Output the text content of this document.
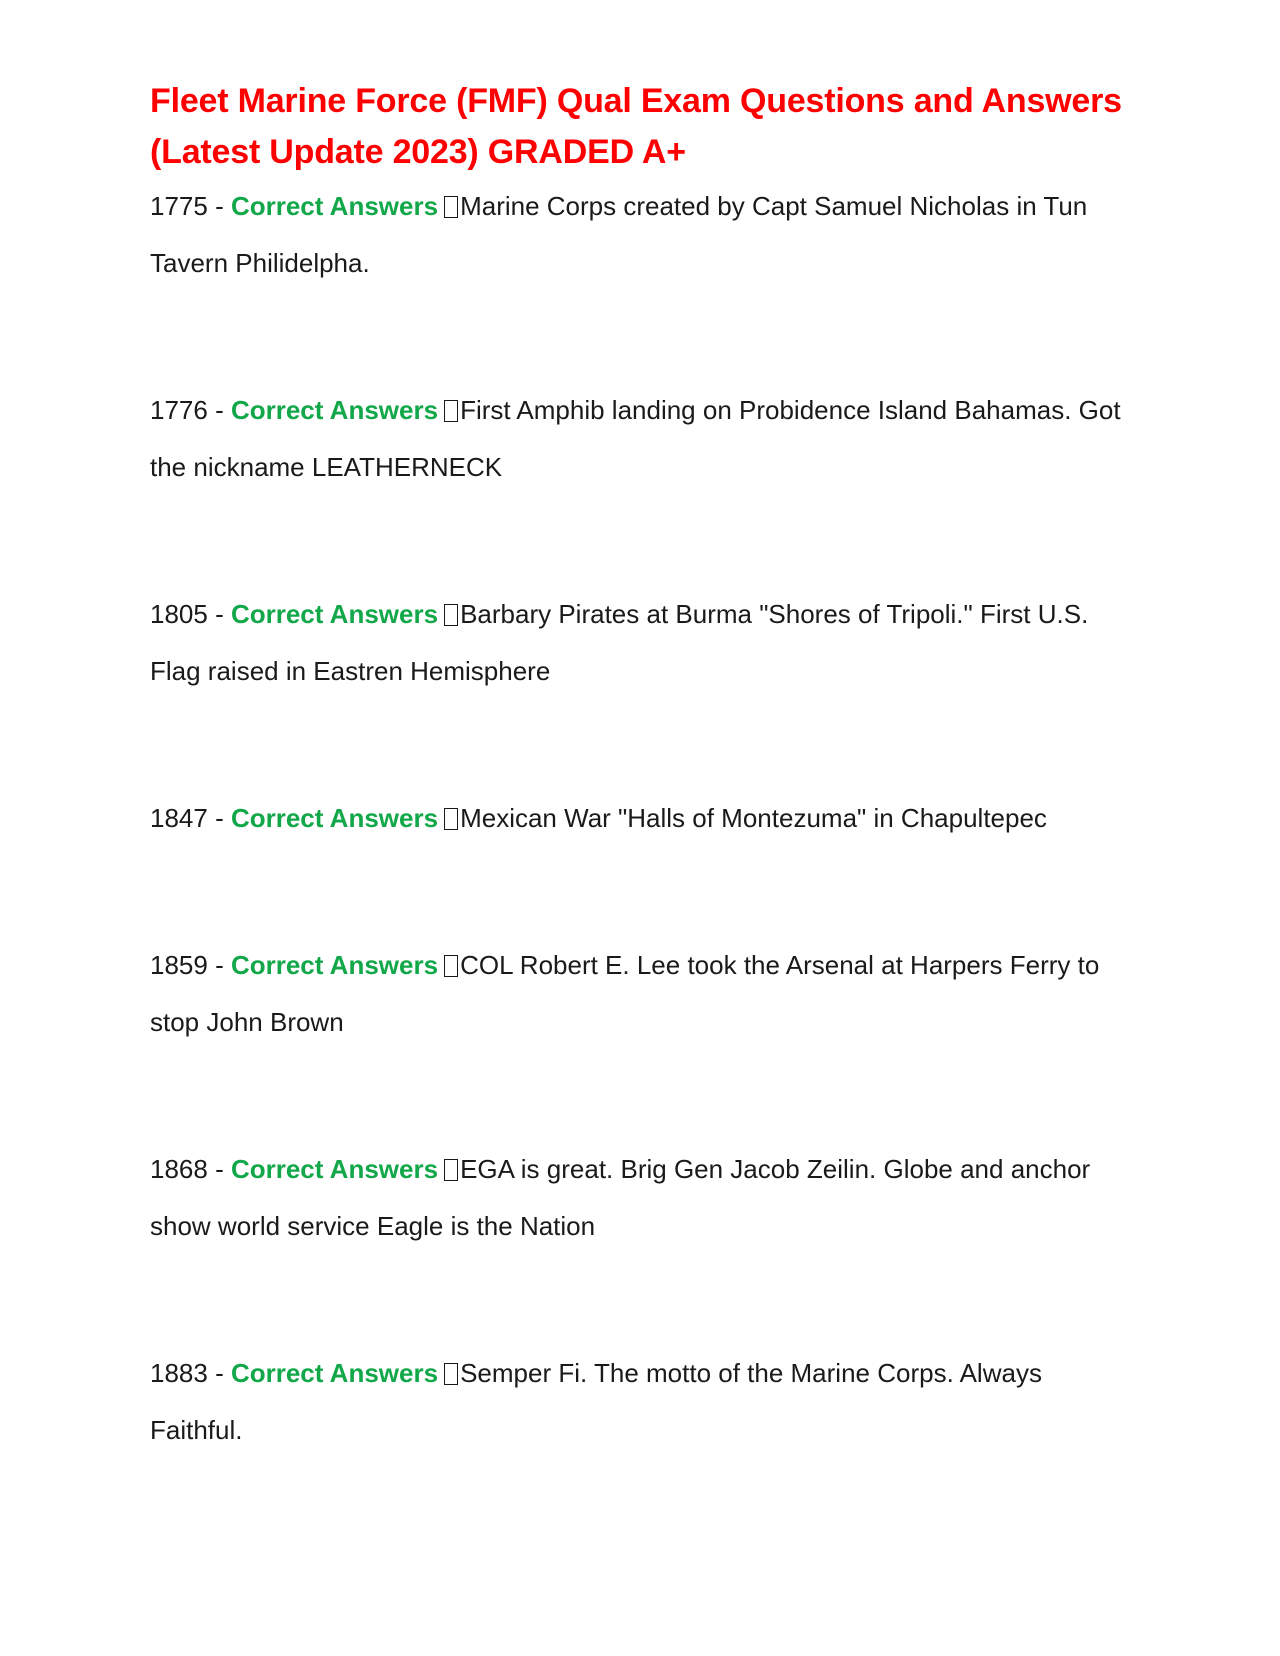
Fleet Marine Force (FMF) Qual Exam Questions and Answers (Latest Update 2023) GRADED A+
1775 - Correct Answers Marine Corps created by Capt Samuel Nicholas in Tun Tavern Philidelpha.
1776 - Correct Answers First Amphib landing on Probidence Island Bahamas. Got the nickname LEATHERNECK
1805 - Correct Answers Barbary Pirates at Burma "Shores of Tripoli." First U.S. Flag raised in Eastren Hemisphere
1847 - Correct Answers Mexican War "Halls of Montezuma" in Chapultepec
1859 - Correct Answers COL Robert E. Lee took the Arsenal at Harpers Ferry to stop John Brown
1868 - Correct Answers EGA is great. Brig Gen Jacob Zeilin. Globe and anchor show world service Eagle is the Nation
1883 - Correct Answers Semper Fi. The motto of the Marine Corps. Always Faithful.
